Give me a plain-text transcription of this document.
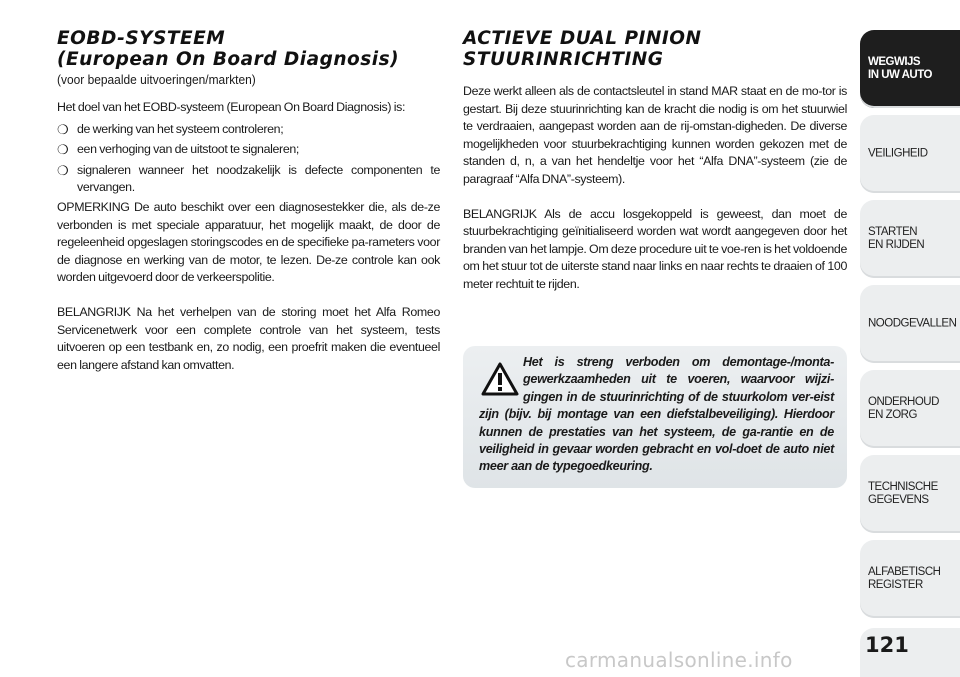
EOBD-SYSTEEM
(European On Board Diagnosis)
(voor bepaalde uitvoeringen/markten)

Het doel van het EOBD-systeem (European On Board Diagnosis) is:

❍ de werking van het systeem controleren;
❍ een verhoging van de uitstoot te signaleren;
❍ signaleren wanneer het noodzakelijk is defecte componenten te vervangen.

OPMERKING De auto beschikt over een diagnosestekker die, als de-ze verbonden is met speciale apparatuur, het mogelijk maakt, de door de regeleenheid opgeslagen storingscodes en de specifieke pa-rameters voor de diagnose en werking van de motor, te lezen. De-ze controle kan ook worden uitgevoerd door de verkeerspolitie.

BELANGRIJK Na het verhelpen van de storing moet het Alfa Romeo Servicenetwerk voor een complete controle van het systeem, tests uitvoeren op een testbank en, zo nodig, een proefrit maken die eventueel een langere afstand kan omvatten.

ACTIEVE DUAL PINION
STUURINRICHTING

Deze werkt alleen als de contactsleutel in stand MAR staat en de mo-tor is gestart. Bij deze stuurinrichting kan de kracht die nodig is om het stuurwiel te verdraaien, aangepast worden aan de rij-omstan-digheden. De diverse mogelijkheden voor stuurbekrachtiging kunnen worden gekozen met de standen d, n, a van het hendeltje voor het “Alfa DNA”-systeem (zie de paragraaf “Alfa DNA”-systeem).

BELANGRIJK Als de accu losgekoppeld is geweest, dan moet de stuurbekrachtiging geïnitialiseerd worden wat wordt aangegeven door het branden van het lampje. Om deze procedure uit te voe-ren is het voldoende om het stuur tot de uiterste stand naar links en naar rechts te draaien of 100 meter rechtuit te rijden.

Het is streng verboden om demontage-/monta-gewerkzaamheden uit te voeren, waarvoor wijzi-gingen in de stuurinrichting of de stuurkolom ver-eist zijn (bijv. bij montage van een diefstalbeveiliging). Hierdoor kunnen de prestaties van het systeem, de ga-rantie en de veiligheid in gevaar worden gebracht en vol-doet de auto niet meer aan de typegoedkeuring.
WEGWIJS
IN UW AUTO
VEILIGHEID
STARTEN
EN RIJDEN
NOODGEVALLEN
ONDERHOUD
EN ZORG
TECHNISCHE
GEGEVENS
ALFABETISCH
REGISTER
121
carmanualsonline.info
